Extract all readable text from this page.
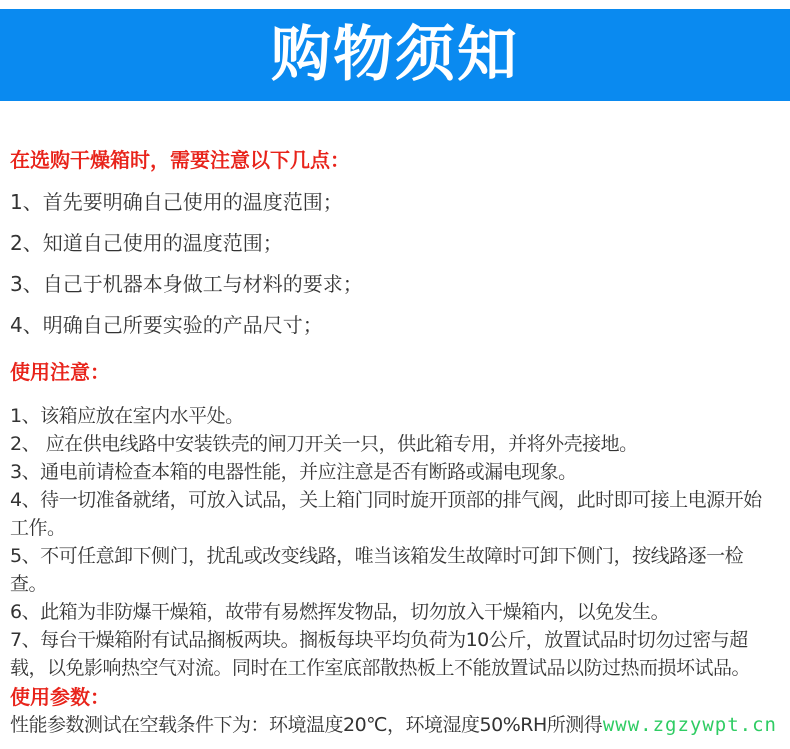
购物须知
在选购干燥箱时，需要注意以下几点：

1、首先要明确自己使用的温度范围；

2、知道自己使用的温度范围；

3、自己于机器本身做工与材料的要求；

4、明确自己所要实验的产品尺寸；

使用注意：

1、该箱应放在室内水平处。

2、 应在供电线路中安装铁壳的闸刀开关一只，供此箱专用，并将外壳接地。

3、通电前请检查本箱的电器性能，并应注意是否有断路或漏电现象。

4、待一切准备就绪，可放入试品，关上箱门同时旋开顶部的排气阀，此时即可接上电源开始工作。

5、不可任意卸下侧门，扰乱或改变线路，唯当该箱发生故障时可卸下侧门，按线路逐一检查。

6、此箱为非防爆干燥箱，故带有易燃挥发物品，切勿放入干燥箱内，以免发生。

7、每台干燥箱附有试品搁板两块。搁板每块平均负荷为10公斤，放置试品时切勿过密与超载，以免影响热空气对流。同时在工作室底部散热板上不能放置试品以防过热而损坏试品。

使用参数：

性能参数测试在空载条件下为：环境温度20℃，环境湿度50%RH所测得 www.zgzywpt.cn
